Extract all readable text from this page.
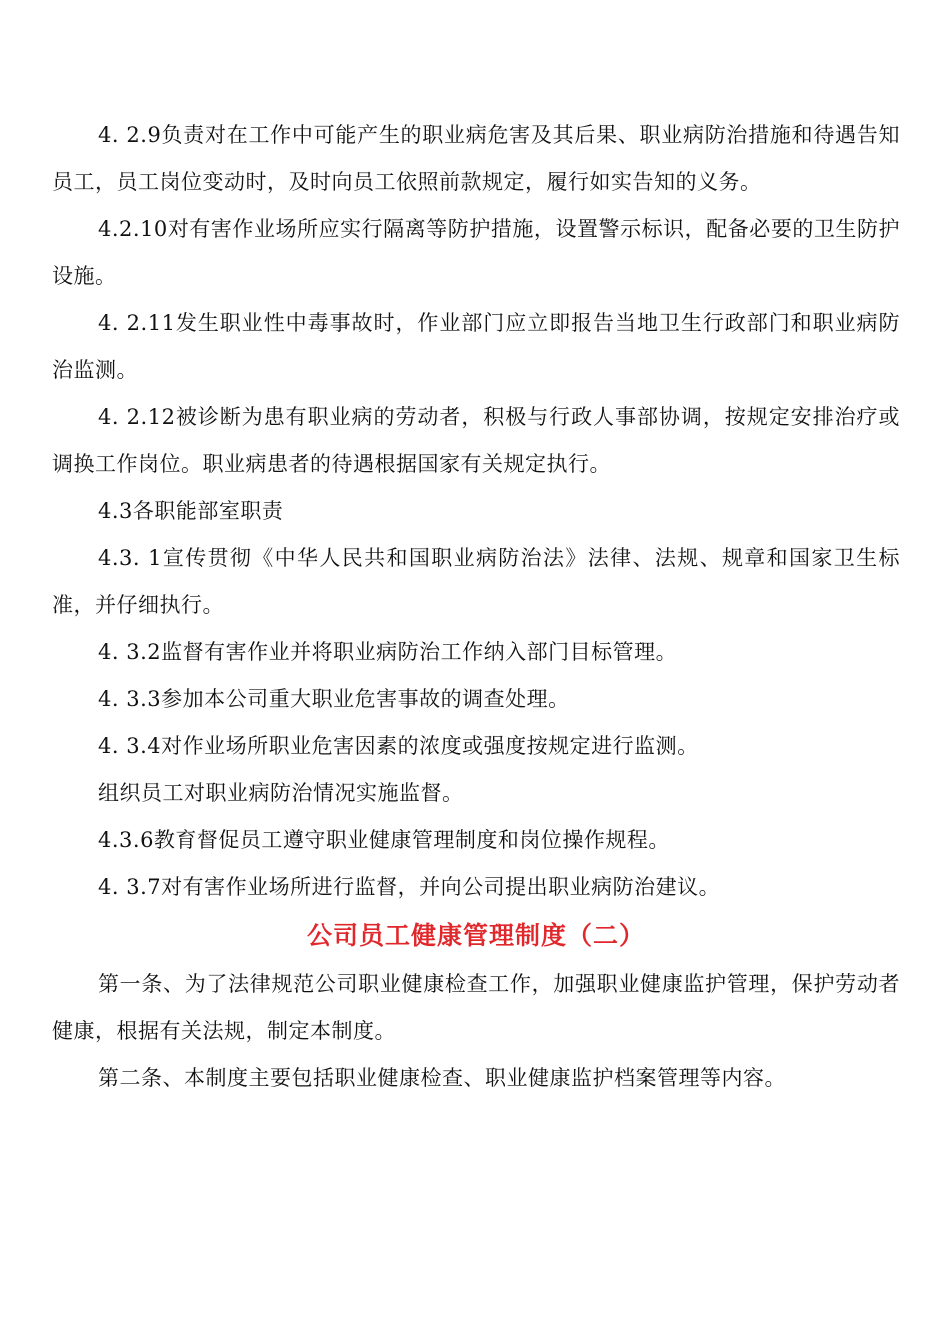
4. 2.9负责对在工作中可能产生的职业病危害及其后果、职业病防治措施和待遇告知员工，员工岗位变动时，及时向员工依照前款规定，履行如实告知的义务。

4.2.10对有害作业场所应实行隔离等防护措施，设置警示标识，配备必要的卫生防护设施。

4. 2.11发生职业性中毒事故时，作业部门应立即报告当地卫生行政部门和职业病防治监测。

4. 2.12被诊断为患有职业病的劳动者，积极与行政人事部协调，按规定安排治疗或调换工作岗位。职业病患者的待遇根据国家有关规定执行。

4.3各职能部室职责

4.3. 1宣传贯彻《中华人民共和国职业病防治法》法律、法规、规章和国家卫生标准，并仔细执行。

4. 3.2监督有害作业并将职业病防治工作纳入部门目标管理。

4. 3.3参加本公司重大职业危害事故的调查处理。

4. 3.4对作业场所职业危害因素的浓度或强度按规定进行监测。

组织员工对职业病防治情况实施监督。

4.3.6教育督促员工遵守职业健康管理制度和岗位操作规程。

4. 3.7对有害作业场所进行监督，并向公司提出职业病防治建议。

公司员工健康管理制度（二）

第一条、为了法律规范公司职业健康检查工作，加强职业健康监护管理，保护劳动者健康，根据有关法规，制定本制度。

第二条、本制度主要包括职业健康检查、职业健康监护档案管理等内容。
